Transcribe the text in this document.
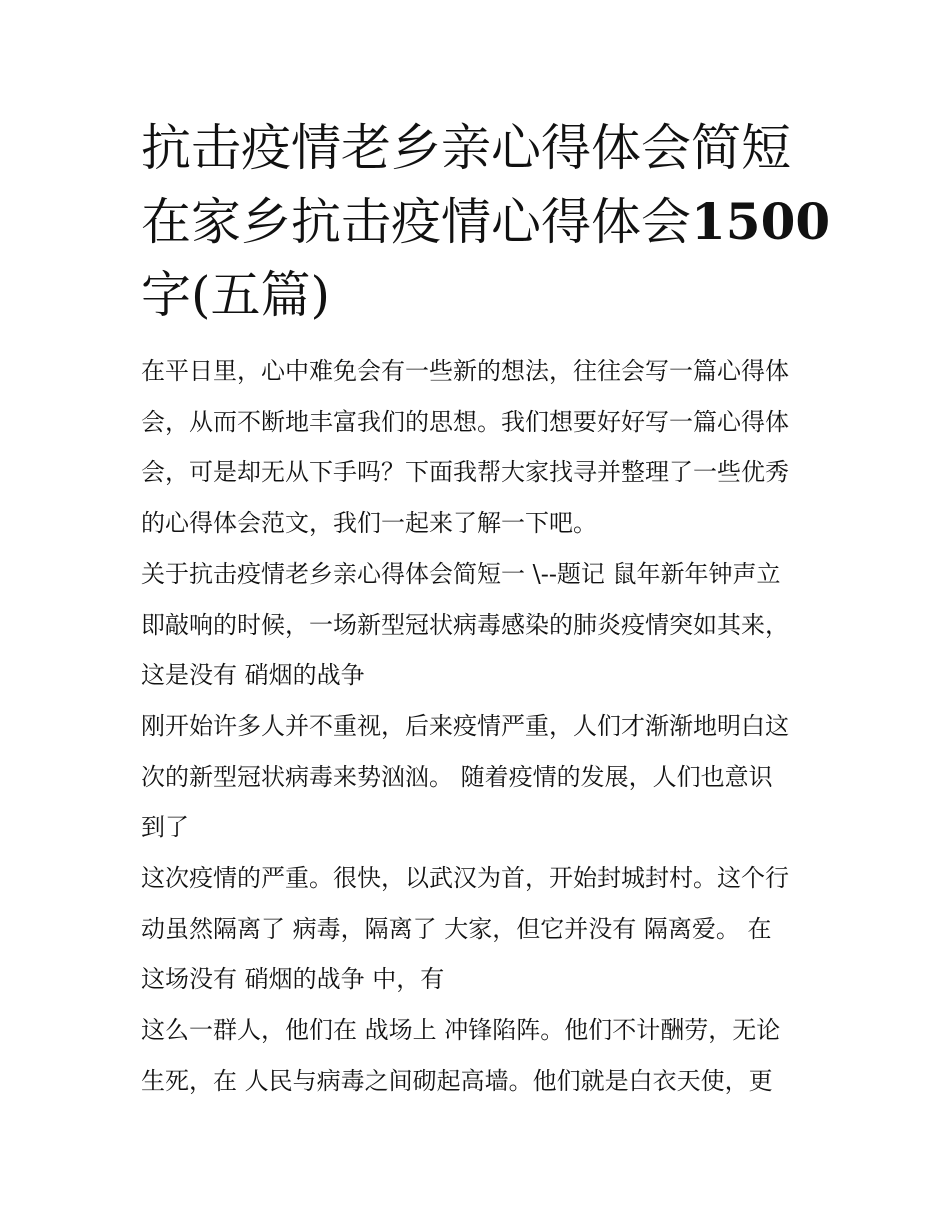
抗击疫情老乡亲心得体会简短
在家乡抗击疫情心得体会1500
字(五篇)

在平日里，心中难免会有一些新的想法，往往会写一篇心得体
会，从而不断地丰富我们的思想。我们想要好好写一篇心得体
会，可是却无从下手吗？下面我帮大家找寻并整理了一些优秀
的心得体会范文，我们一起来了解一下吧。

关于抗击疫情老乡亲心得体会简短一 \--题记 鼠年新年钟声立
即敲响的时候，一场新型冠状病毒感染的肺炎疫情突如其来，
这是没有 硝烟的战争

刚开始许多人并不重视，后来疫情严重，人们才渐渐地明白这
次的新型冠状病毒来势汹汹。 随着疫情的发展，人们也意识
到了

这次疫情的严重。很快，以武汉为首，开始封城封村。这个行
动虽然隔离了 病毒，隔离了 大家，但它并没有 隔离爱。 在
这场没有 硝烟的战争 中，有

这么一群人，他们在 战场上 冲锋陷阵。他们不计酬劳，无论
生死，在 人民与病毒之间砌起高墙。他们就是白衣天使，更
